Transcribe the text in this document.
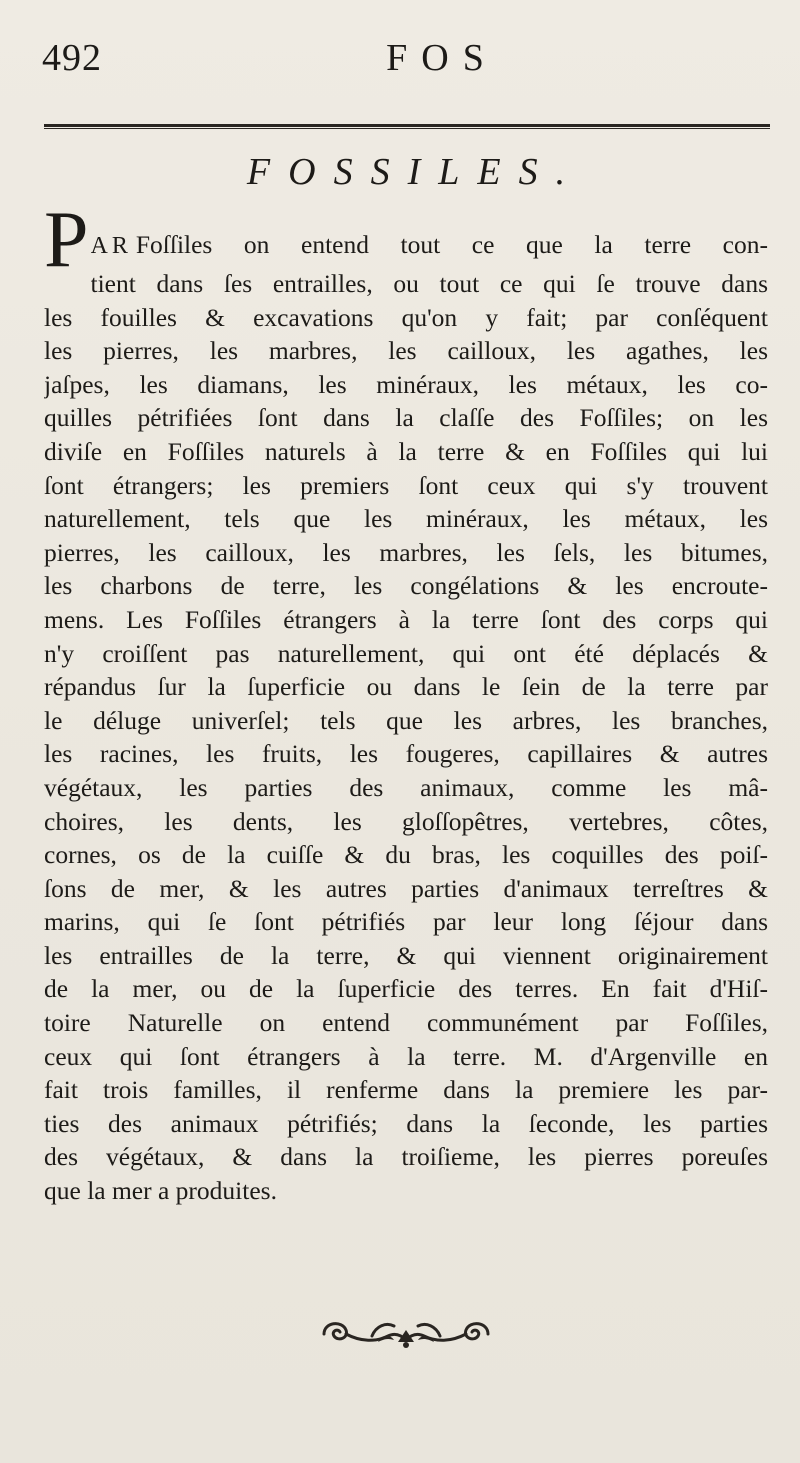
492	FOS
FOSSILES.
P AR Foſſiles on entend tout ce que la terre con-
tient dans ſes entrailles, ou tout ce qui ſe trouve dans
les fouilles & excavations qu'on y fait; par conſéquent
les pierres, les marbres, les cailloux, les agathes, les
jaſpes, les diamans, les minéraux, les métaux, les co-
quilles pétrifiées ſont dans la claſſe des Foſſiles; on les
diviſe en Foſſiles naturels à la terre & en Foſſiles qui lui
ſont étrangers; les premiers ſont ceux qui s'y trouvent
naturellement, tels que les minéraux, les métaux, les
pierres, les cailloux, les marbres, les ſels, les bitumes,
les charbons de terre, les congélations & les encroute-
mens. Les Foſſiles étrangers à la terre ſont des corps qui
n'y croiſſent pas naturellement, qui ont été déplacés &
répandus ſur la ſuperficie ou dans le ſein de la terre par
le déluge univerſel; tels que les arbres, les branches,
les racines, les fruits, les fougeres, capillaires & autres
végétaux, les parties des animaux, comme les mâ-
choires, les dents, les gloſſopêtres, vertebres, côtes,
cornes, os de la cuiſſe & du bras, les coquilles des poiſ-
ſons de mer, & les autres parties d'animaux terreſtres &
marins, qui ſe ſont pétrifiés par leur long ſéjour dans
les entrailles de la terre, & qui viennent originairement
de la mer, ou de la ſuperficie des terres. En fait d'Hiſ-
toire Naturelle on entend communément par Foſſiles,
ceux qui ſont étrangers à la terre. M. d'Argenville en
fait trois familles, il renferme dans la premiere les par-
ties des animaux pétrifiés; dans la ſeconde, les parties
des végétaux, & dans la troiſieme, les pierres poreuſes
que la mer a produites.
